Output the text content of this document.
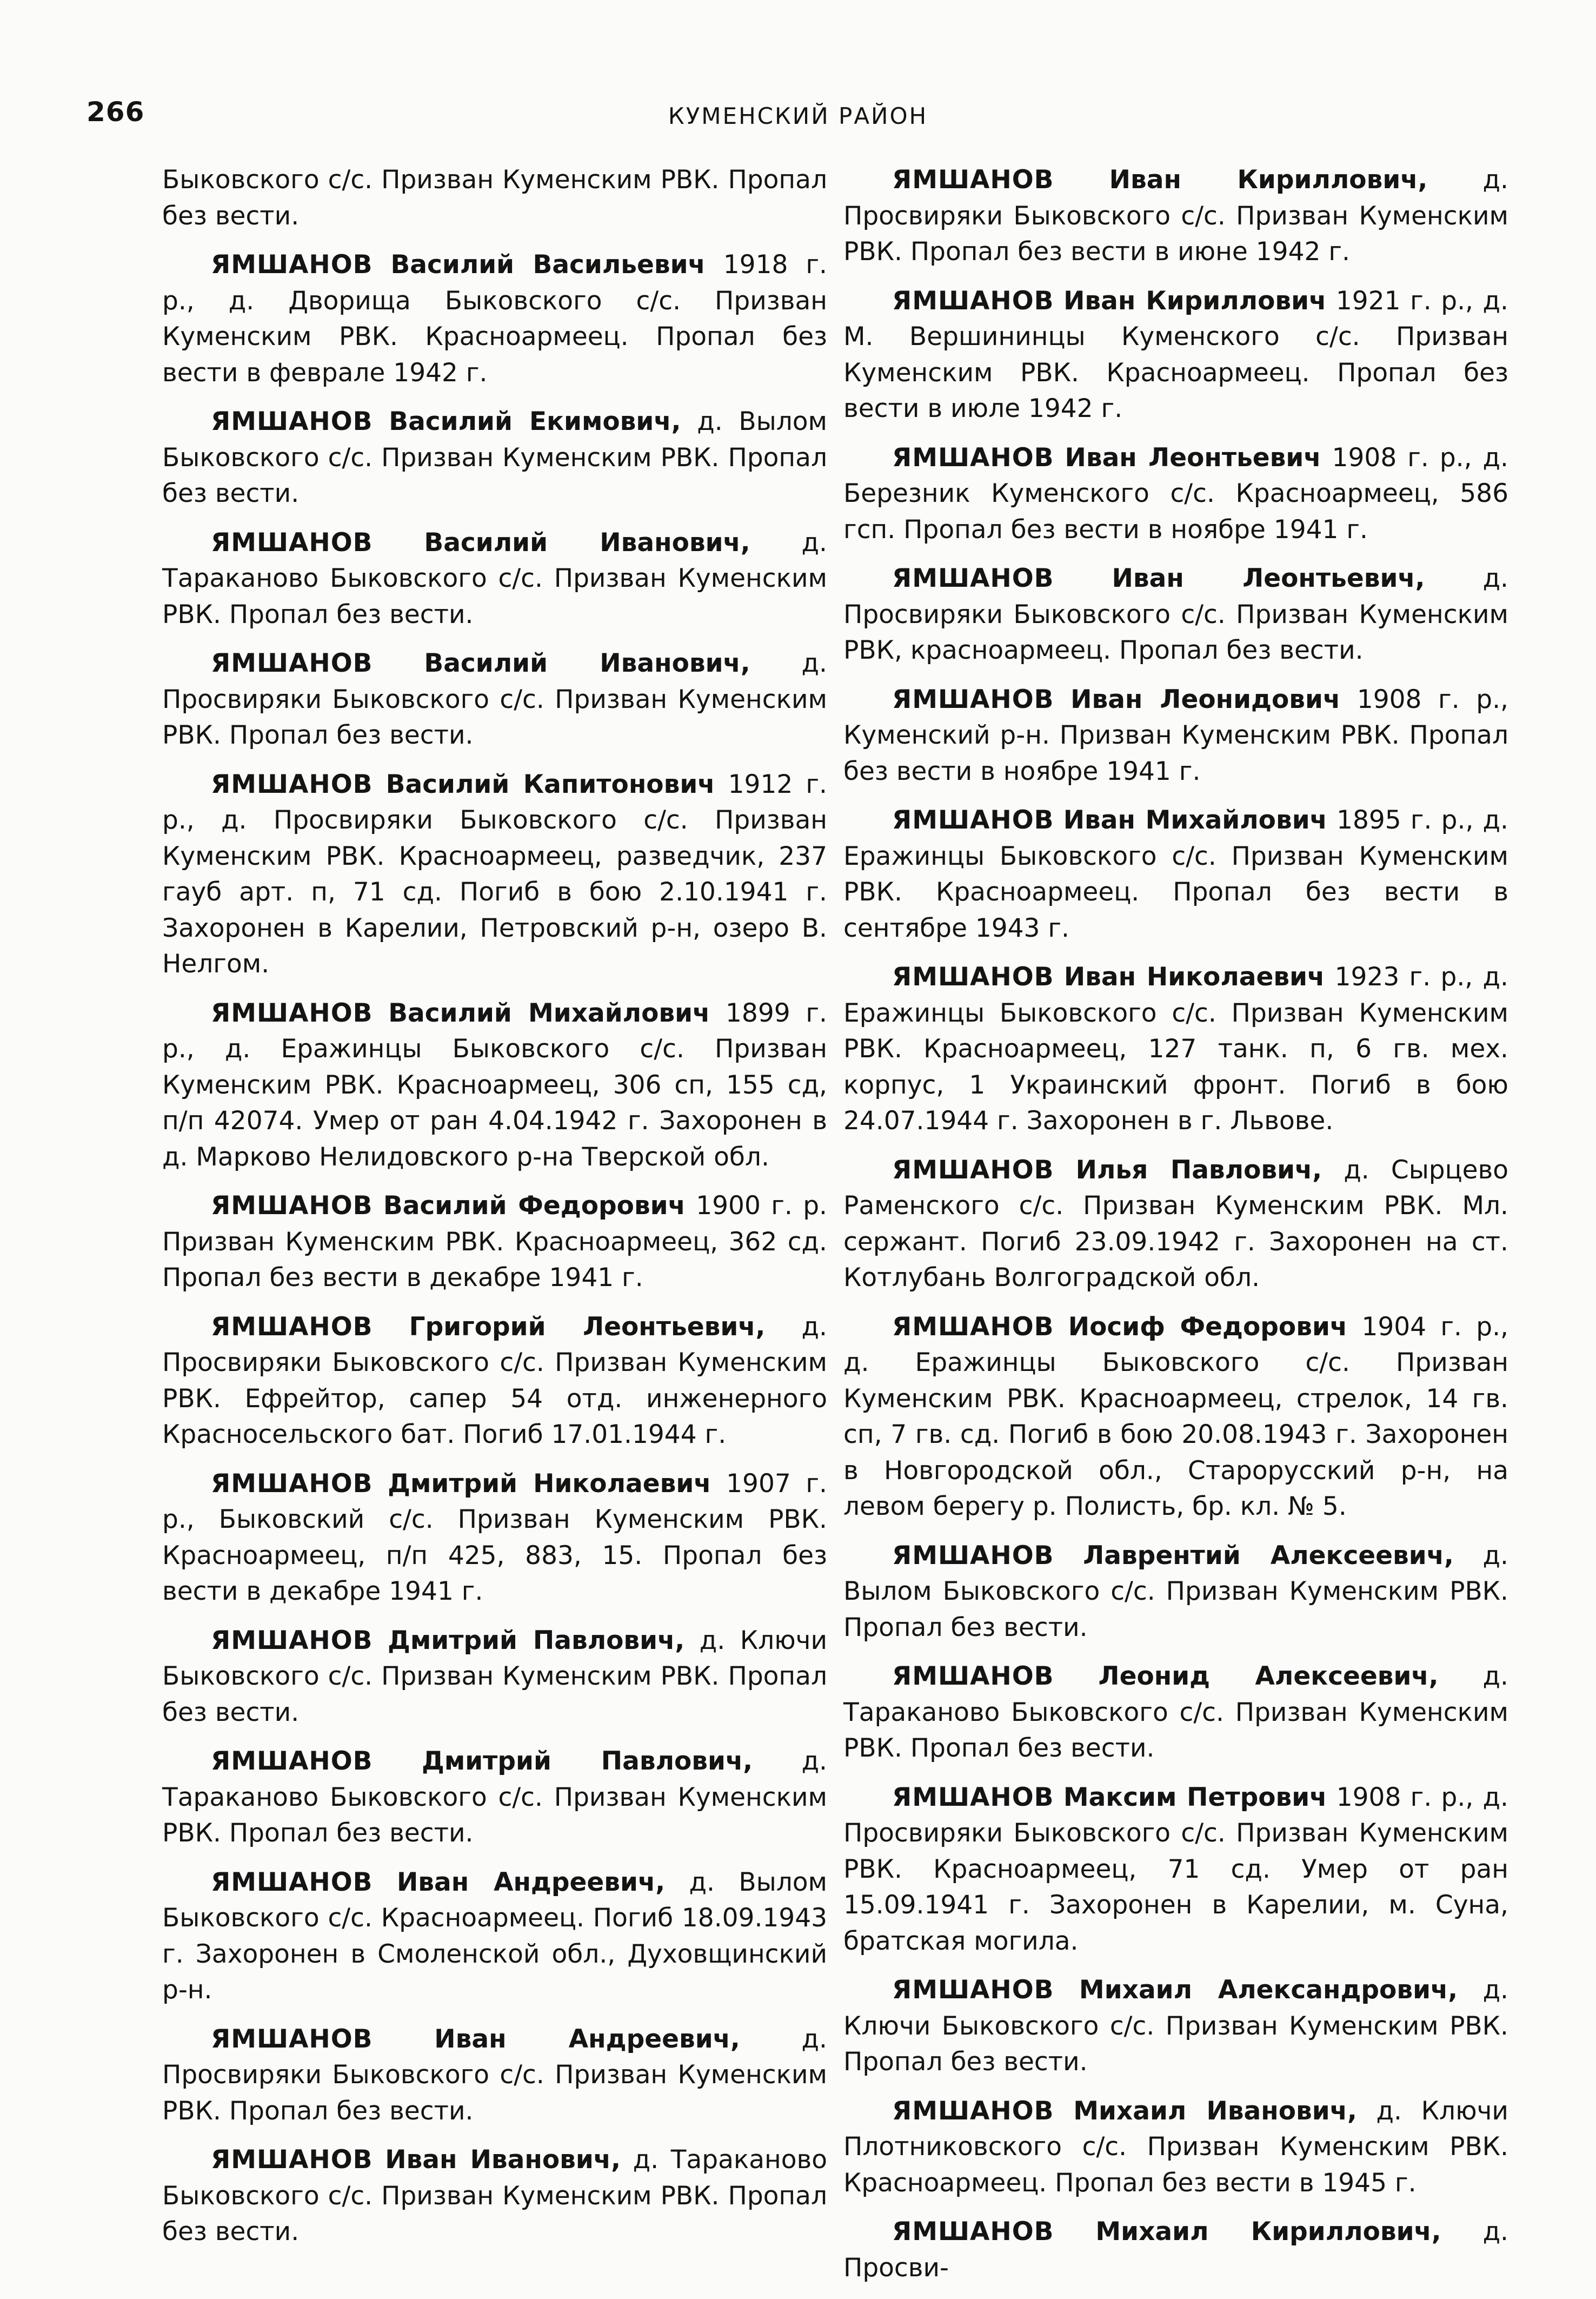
266	КУМЕНСКИЙ РАЙОН

Быковского с/с. Призван Куменским РВК. Пропал без вести.

ЯМШАНОВ Василий Васильевич 1918 г. р., д. Дворища Быковского с/с. Призван Куменским РВК. Красноармеец. Пропал без вести в феврале 1942 г.

ЯМШАНОВ Василий Екимович, д. Вылом Быковского с/с. Призван Куменским РВК. Пропал без вести.

ЯМШАНОВ Василий Иванович, д. Тараканово Быковского с/с. Призван Куменским РВК. Пропал без вести.

ЯМШАНОВ Василий Иванович, д. Просвиряки Быковского с/с. Призван Куменским РВК. Пропал без вести.

ЯМШАНОВ Василий Капитонович 1912 г. р., д. Просвиряки Быковского с/с. Призван Куменским РВК. Красноармеец, разведчик, 237 гауб арт. п, 71 сд. Погиб в бою 2.10.1941 г. Захоронен в Карелии, Петровский р-н, озеро В. Нелгом.

ЯМШАНОВ Василий Михайлович 1899 г. р., д. Еражинцы Быковского с/с. Призван Куменским РВК. Красноармеец, 306 сп, 155 сд, п/п 42074. Умер от ран 4.04.1942 г. Захоронен в д. Марково Нелидовского р-на Тверской обл.

ЯМШАНОВ Василий Федорович 1900 г. р. Призван Куменским РВК. Красноармеец, 362 сд. Пропал без вести в декабре 1941 г.

ЯМШАНОВ Григорий Леонтьевич, д. Просвиряки Быковского с/с. Призван Куменским РВК. Ефрейтор, сапер 54 отд. инженерного Красносельского бат. Погиб 17.01.1944 г.

ЯМШАНОВ Дмитрий Николаевич 1907 г. р., Быковский с/с. Призван Куменским РВК. Красноармеец, п/п 425, 883, 15. Пропал без вести в декабре 1941 г.

ЯМШАНОВ Дмитрий Павлович, д. Ключи Быковского с/с. Призван Куменским РВК. Пропал без вести.

ЯМШАНОВ Дмитрий Павлович, д. Тараканово Быковского с/с. Призван Куменским РВК. Пропал без вести.

ЯМШАНОВ Иван Андреевич, д. Вылом Быковского с/с. Красноармеец. Погиб 18.09.1943 г. Захоронен в Смоленской обл., Духовщинский р-н.

ЯМШАНОВ Иван Андреевич, д. Просвиряки Быковского с/с. Призван Куменским РВК. Пропал без вести.

ЯМШАНОВ Иван Иванович, д. Тараканово Быковского с/с. Призван Куменским РВК. Пропал без вести.

ЯМШАНОВ Иван Кириллович, д. Просвиряки Быковского с/с. Призван Куменским РВК. Пропал без вести в июне 1942 г.

ЯМШАНОВ Иван Кириллович 1921 г. р., д. М. Вершининцы Куменского с/с. Призван Куменским РВК. Красноармеец. Пропал без вести в июле 1942 г.

ЯМШАНОВ Иван Леонтьевич 1908 г. р., д. Березник Куменского с/с. Красноармеец, 586 гсп. Пропал без вести в ноябре 1941 г.

ЯМШАНОВ Иван Леонтьевич, д. Просвиряки Быковского с/с. Призван Куменским РВК, красноармеец. Пропал без вести.

ЯМШАНОВ Иван Леонидович 1908 г. р., Куменский р-н. Призван Куменским РВК. Пропал без вести в ноябре 1941 г.

ЯМШАНОВ Иван Михайлович 1895 г. р., д. Еражинцы Быковского с/с. Призван Куменским РВК. Красноармеец. Пропал без вести в сентябре 1943 г.

ЯМШАНОВ Иван Николаевич 1923 г. р., д. Еражинцы Быковского с/с. Призван Куменским РВК. Красноармеец, 127 танк. п, 6 гв. мех. корпус, 1 Украинский фронт. Погиб в бою 24.07.1944 г. Захоронен в г. Львове.

ЯМШАНОВ Илья Павлович, д. Сырцево Раменского с/с. Призван Куменским РВК. Мл. сержант. Погиб 23.09.1942 г. Захоронен на ст. Котлубань Волгоградской обл.

ЯМШАНОВ Иосиф Федорович 1904 г. р., д. Еражинцы Быковского с/с. Призван Куменским РВК. Красноармеец, стрелок, 14 гв. сп, 7 гв. сд. Погиб в бою 20.08.1943 г. Захоронен в Новгородской обл., Старорусский р-н, на левом берегу р. Полисть, бр. кл. № 5.

ЯМШАНОВ Лаврентий Алексеевич, д. Вылом Быковского с/с. Призван Куменским РВК. Пропал без вести.

ЯМШАНОВ Леонид Алексеевич, д. Тараканово Быковского с/с. Призван Куменским РВК. Пропал без вести.

ЯМШАНОВ Максим Петрович 1908 г. р., д. Просвиряки Быковского с/с. Призван Куменским РВК. Красноармеец, 71 сд. Умер от ран 15.09.1941 г. Захоронен в Карелии, м. Суна, братская могила.

ЯМШАНОВ Михаил Александрович, д. Ключи Быковского с/с. Призван Куменским РВК. Пропал без вести.

ЯМШАНОВ Михаил Иванович, д. Ключи Плотниковского с/с. Призван Куменским РВК. Красноармеец. Пропал без вести в 1945 г.

ЯМШАНОВ Михаил Кириллович, д. Просви-
